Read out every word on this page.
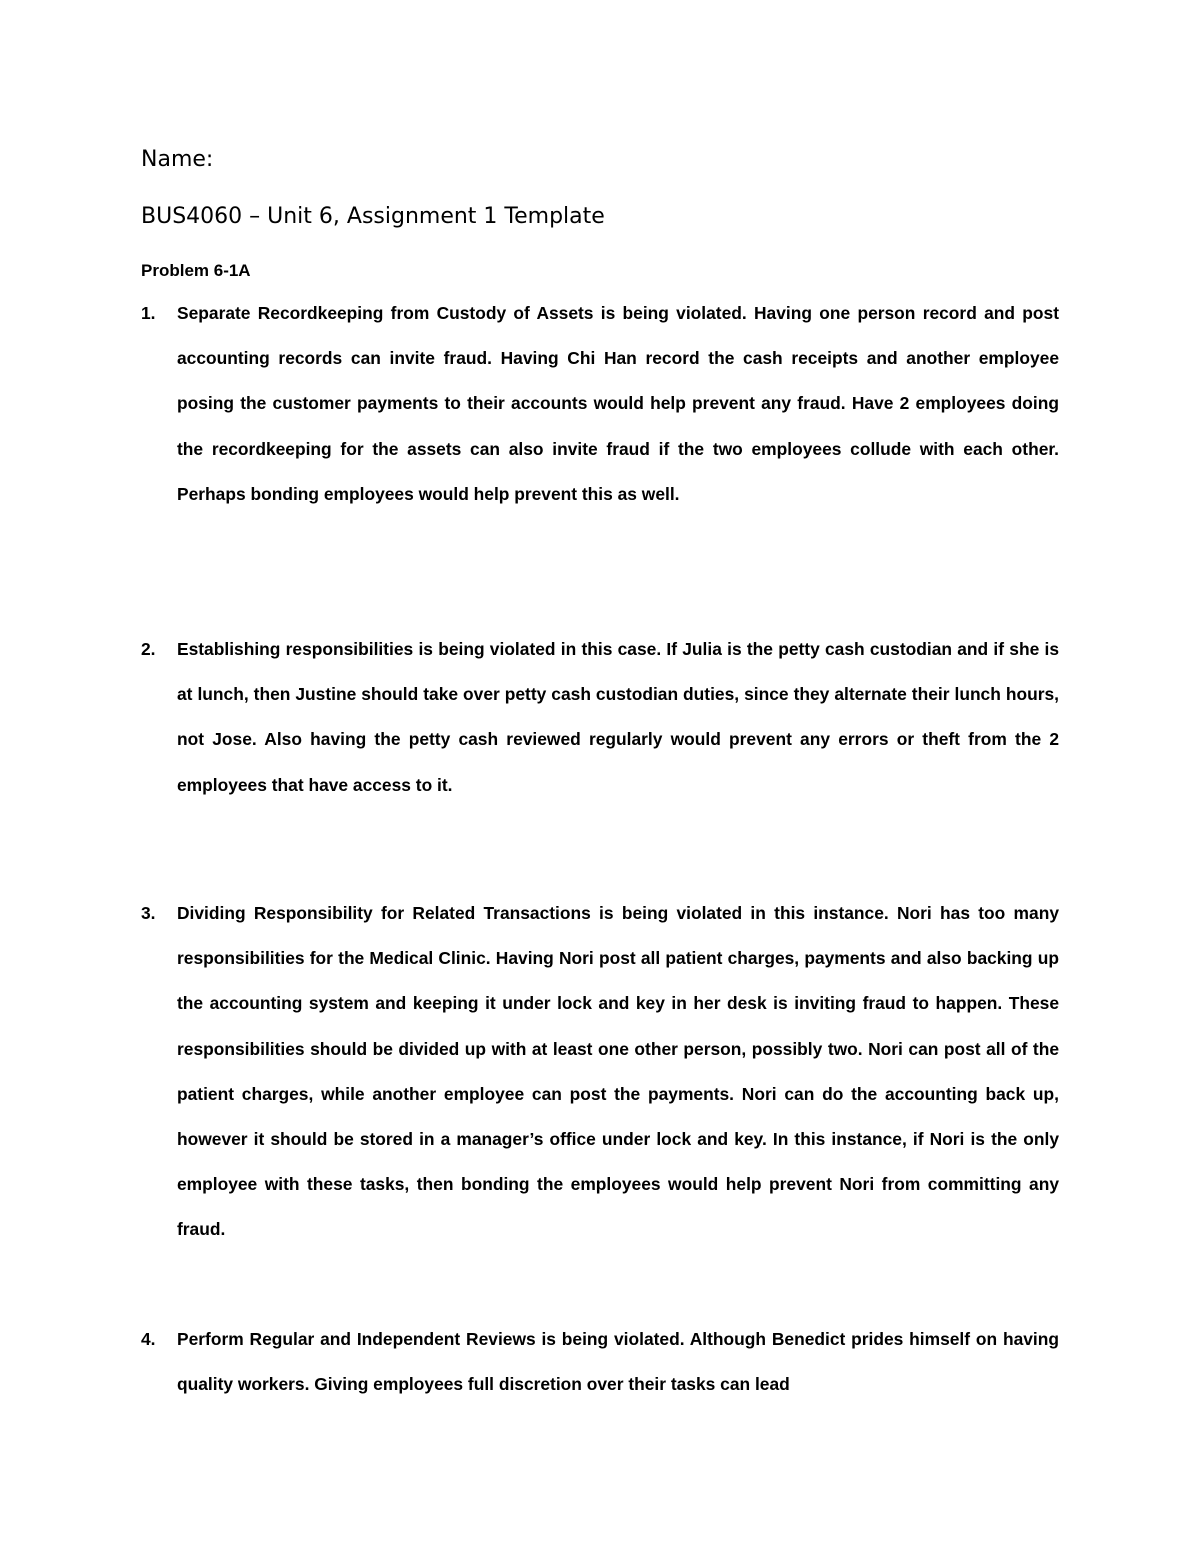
Name:

BUS4060 – Unit 6, Assignment 1 Template

Problem 6-1A

1. Separate Recordkeeping from Custody of Assets is being violated. Having one person record and post accounting records can invite fraud. Having Chi Han record the cash receipts and another employee posing the customer payments to their accounts would help prevent any fraud. Have 2 employees doing the recordkeeping for the assets can also invite fraud if the two employees collude with each other. Perhaps bonding employees would help prevent this as well.
2. Establishing responsibilities is being violated in this case. If Julia is the petty cash custodian and if she is at lunch, then Justine should take over petty cash custodian duties, since they alternate their lunch hours, not Jose. Also having the petty cash reviewed regularly would prevent any errors or theft from the 2 employees that have access to it.
3. Dividing Responsibility for Related Transactions is being violated in this instance. Nori has too many responsibilities for the Medical Clinic. Having Nori post all patient charges, payments and also backing up the accounting system and keeping it under lock and key in her desk is inviting fraud to happen. These responsibilities should be divided up with at least one other person, possibly two. Nori can post all of the patient charges, while another employee can post the payments. Nori can do the accounting back up, however it should be stored in a manager’s office under lock and key. In this instance, if Nori is the only employee with these tasks, then bonding the employees would help prevent Nori from committing any fraud.
4. Perform Regular and Independent Reviews is being violated. Although Benedict prides himself on having quality workers. Giving employees full discretion over their tasks can lead
